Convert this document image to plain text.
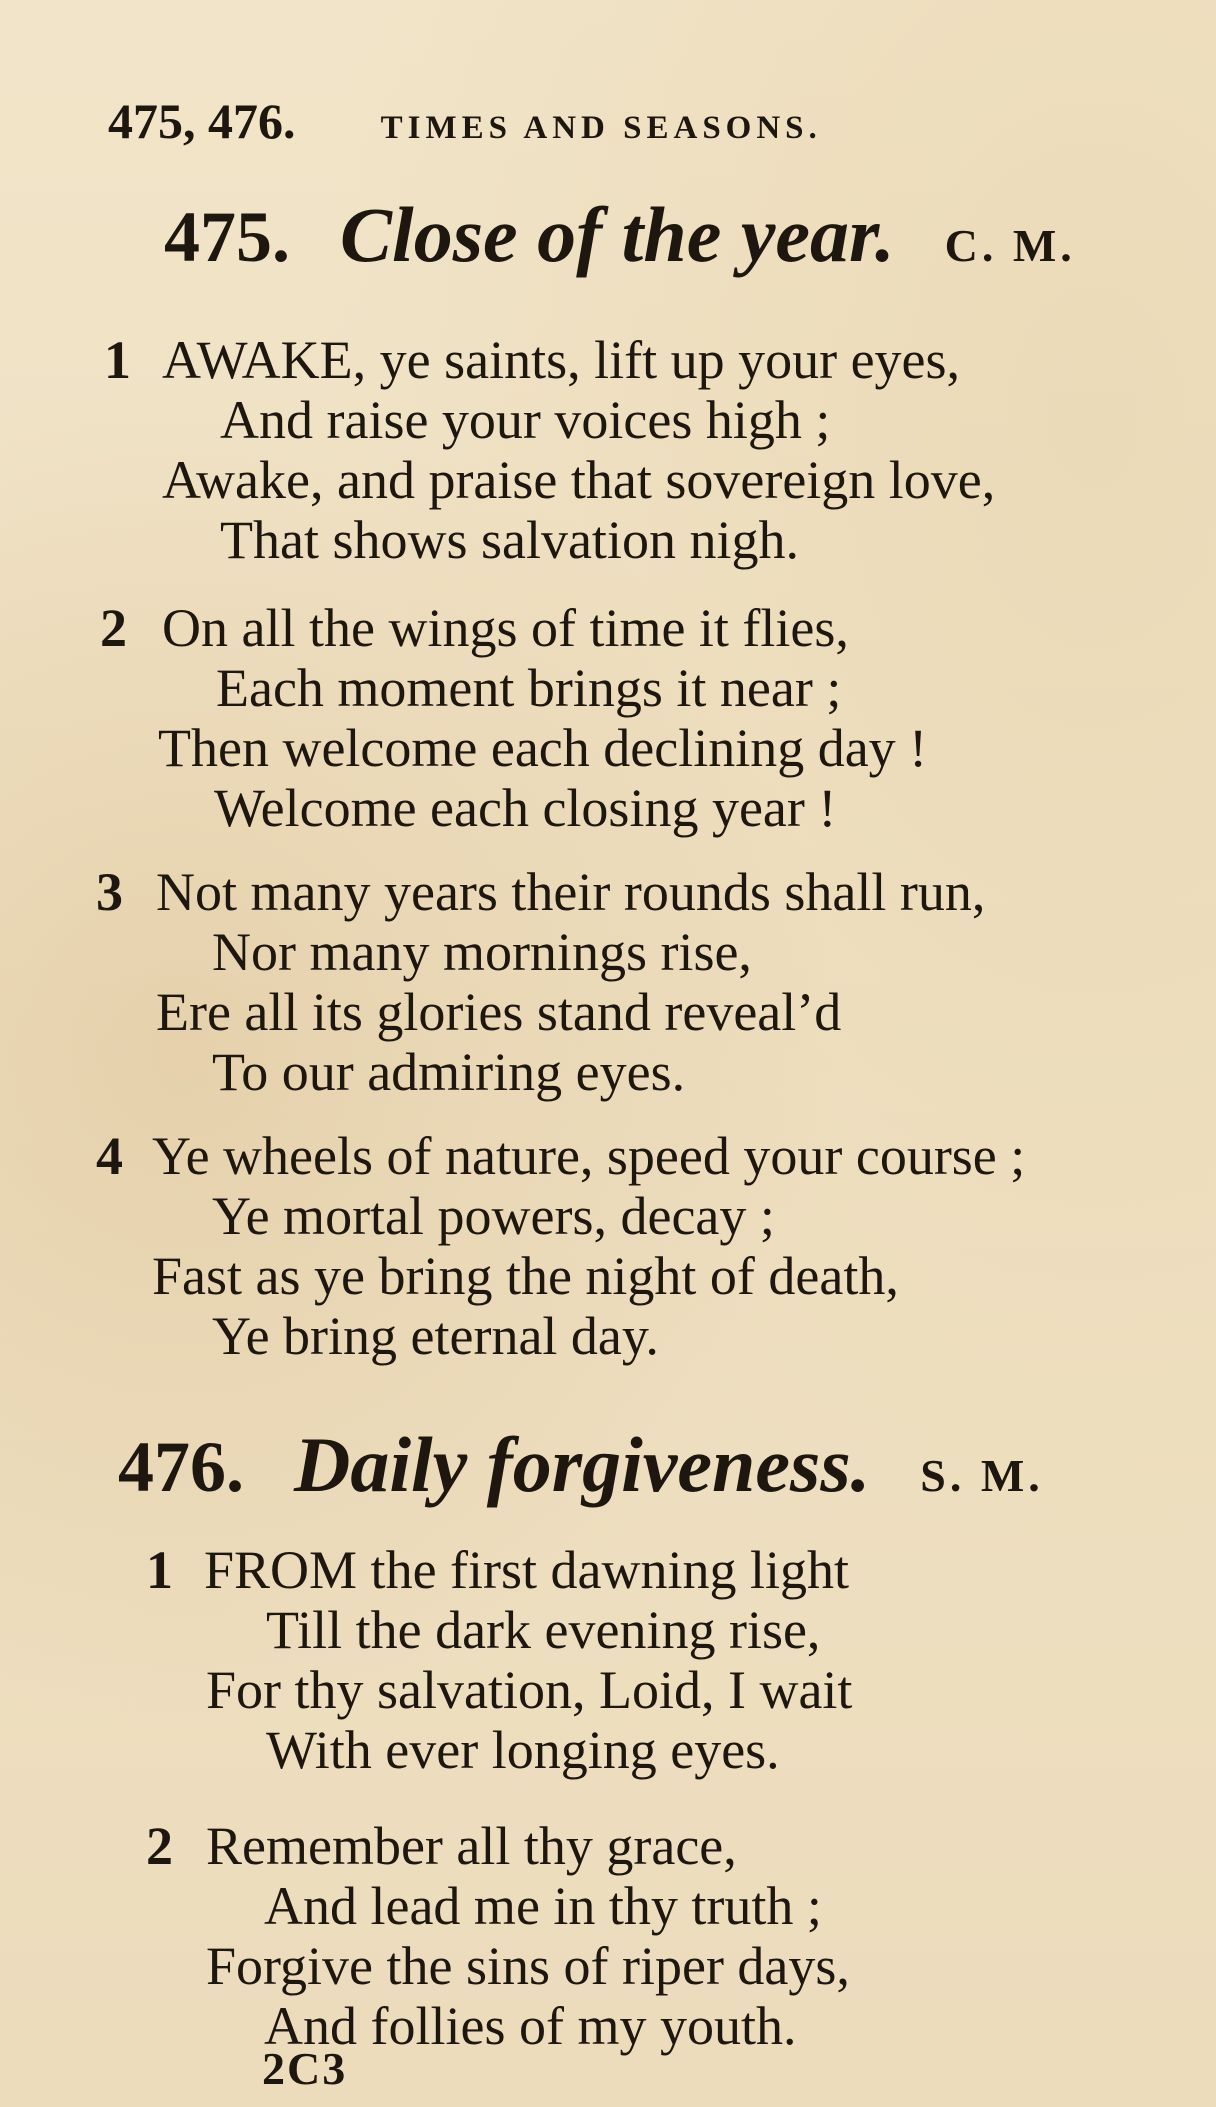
475, 476.	TIMES AND SEASONS.
475. Close of the year. C. M.
1 AWAKE, ye saints, lift up your eyes,
And raise your voices high ;
Awake, and praise that sovereign love,
That shows salvation nigh.
2 On all the wings of time it flies,
Each moment brings it near ;
Then welcome each declining day !
Welcome each closing year !
3 Not many years their rounds shall run,
Nor many mornings rise,
Ere all its glories stand reveal’d
To our admiring eyes.
4 Ye wheels of nature, speed your course ;
Ye mortal powers, decay ;
Fast as ye bring the night of death,
Ye bring eternal day.
476. Daily forgiveness. S. M.
1 FROM the first dawning light
Till the dark evening rise,
For thy salvation, Loid, I wait
With ever longing eyes.
2 Remember all thy grace,
And lead me in thy truth ;
Forgive the sins of riper days,
And follies of my youth.
2C3
